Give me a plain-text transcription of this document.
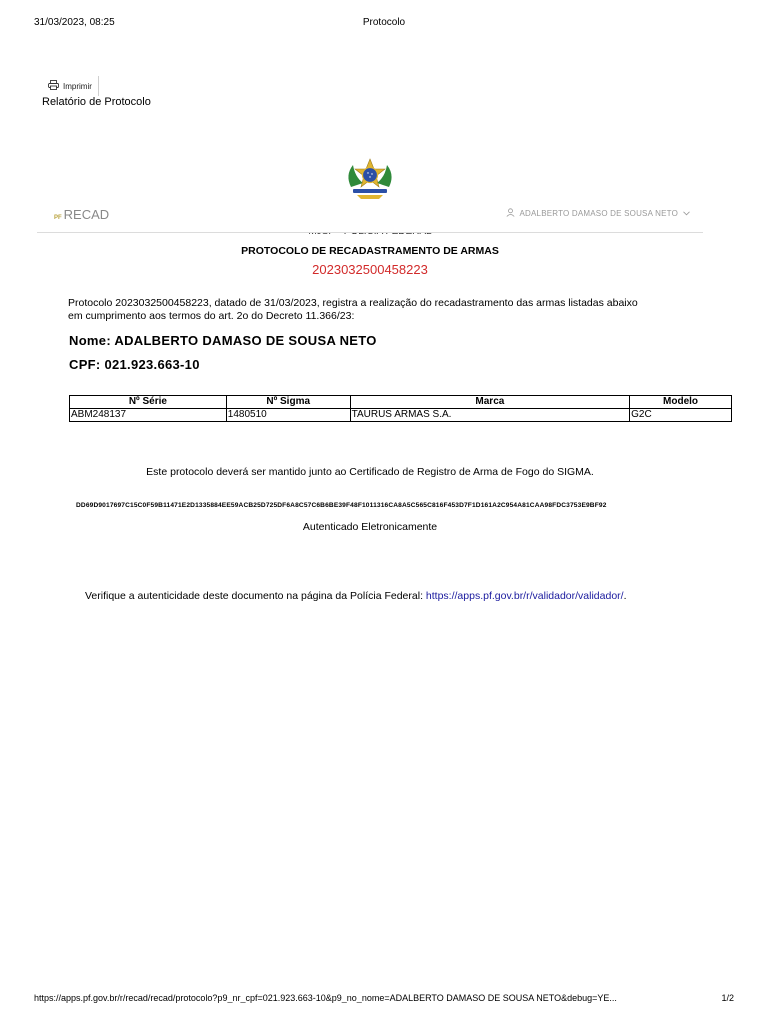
31/03/2023, 08:25	Protocolo
Imprimir
Relatório de Protocolo
PF RECAD	ADALBERTO DAMASO DE SOUSA NETO
PROTOCOLO DE RECADASTRAMENTO DE ARMAS
2023032500458223
Protocolo 2023032500458223, datado de 31/03/2023, registra a realização do recadastramento das armas listadas abaixo
em cumprimento aos termos do art. 2o do Decreto 11.366/23:
Nome: ADALBERTO DAMASO DE SOUSA NETO
CPF: 021.923.663-10
Nº Série	Nº Sigma	Marca	Modelo
ABM248137	1480510	TAURUS ARMAS S.A.	G2C
Este protocolo deverá ser mantido junto ao Certificado de Registro de Arma de Fogo do SIGMA.
DD69D9017697C15C0F59B11471E2D1335884EE59ACB25D725DF6A8C57C6B6BE39F48F1011316CA8A5C565C816F453D7F1D161A2C954A81CAA98FDC3753E9BF92
Autenticado Eletronicamente
Verifique a autenticidade deste documento na página da Polícia Federal: https://apps.pf.gov.br/r/validador/validador/.
https://apps.pf.gov.br/r/recad/recad/protocolo?p9_nr_cpf=021.923.663-10&p9_no_nome=ADALBERTO DAMASO DE SOUSA NETO&debug=YE...	1/2
